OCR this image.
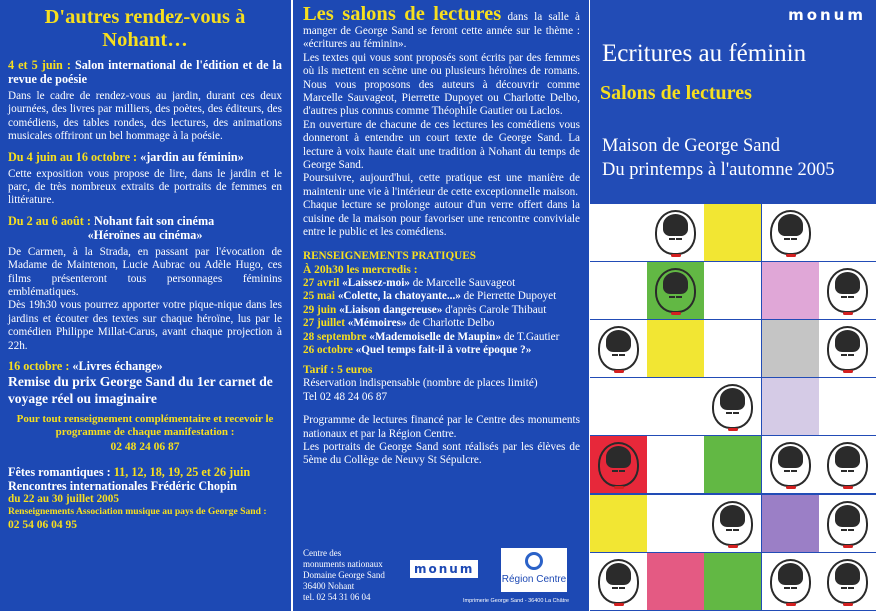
D'autres rendez-vous à Nohant…

4 et 5 juin : Salon international de l'édition et de la revue de poésie

Dans le cadre de rendez-vous au jardin, durant ces deux journées, des livres par milliers, des poètes, des éditeurs, des comédiens, des tables rondes, des lectures, des animations musicales offriront un bel hommage à la poésie.

Du 4 juin au 16 octobre : «jardin au féminin»

Cette exposition vous propose de lire, dans le jardin et le parc, de très nombreux extraits de portraits de femmes en littérature.

Du 2 au 6 août : Nohant fait son cinéma

«Héroïnes au cinéma»

De Carmen, à la Strada, en passant par l'évocation de Madame de Maintenon, Lucie Aubrac ou Adèle Hugo, ces films présenteront tous personnages féminins emblématiques.

Dès 19h30 vous pourrez apporter votre pique-nique dans les jardins et écouter des textes sur chaque héroïne, lus par le comédien Philippe Millat-Carus, avant chaque projection à 22h.

16 octobre : «Livres échange»

Remise du prix George Sand du 1er carnet de voyage réel ou imaginaire

Pour tout renseignement complémentaire et recevoir le programme de chaque manifestation :

02 48 24 06 87

Fêtes romantiques : 11, 12, 18, 19, 25 et 26 juin

Rencontres internationales Frédéric Chopin

du 22 au 30 juillet 2005

Renseignements Association musique au pays de George Sand :

02 54 06 04 95

Les salons de lectures dans la salle à manger de George Sand se feront cette année sur le thème : «écritures au féminin».

Les textes qui vous sont proposés sont écrits par des femmes où ils mettent en scène une ou plusieurs héroïnes de romans. Nous vous proposons des auteurs à découvrir comme Marcelle Sauvageot, Pierrette Dupoyet ou Charlotte Delbo, d'autres plus connus comme Théophile Gautier ou Laclos.

En ouverture de chacune de ces lectures les comédiens vous donneront à entendre un court texte de George Sand. La lecture à voix haute était une tradition à Nohant du temps de George Sand.

Poursuivre, aujourd'hui, cette pratique est une manière de maintenir une vie à l'intérieur de cette exceptionnelle maison.

Chaque lecture se prolonge autour d'un verre offert dans la cuisine de la maison pour favoriser une rencontre conviviale entre le public et les comédiens.

RENSEIGNEMENTS PRATIQUES

À 20h30 les mercredis :

27 avril «Laissez-moi» de Marcelle Sauvageot

25 mai «Colette, la chatoyante...» de Pierrette Dupoyet

29 juin «Liaison dangereuse» d'après Carole Thibaut

27 juillet «Mémoires» de Charlotte Delbo

28 septembre «Mademoiselle de Maupin» de T.Gautier

26 octobre «Quel temps fait-il à votre époque ?»

Tarif : 5 euros

Réservation indispensable (nombre de places limité)

Tel 02 48 24 06 87

Programme de lectures financé par le Centre des monuments nationaux et par la Région Centre.

Les portraits de George Sand sont réalisés par les élèves de 5ème du Collège de Neuvy St Sépulcre.

Centre des
monuments nationaux
Domaine George Sand
36400 Nohant
tel. 02 54 31 06 04
monum
Région Centre
Imprimerie George Sand - 36400 La Châtre
monum

Ecritures au féminin

Salons de lectures

Maison de George Sand
Du printemps à l'automne 2005
